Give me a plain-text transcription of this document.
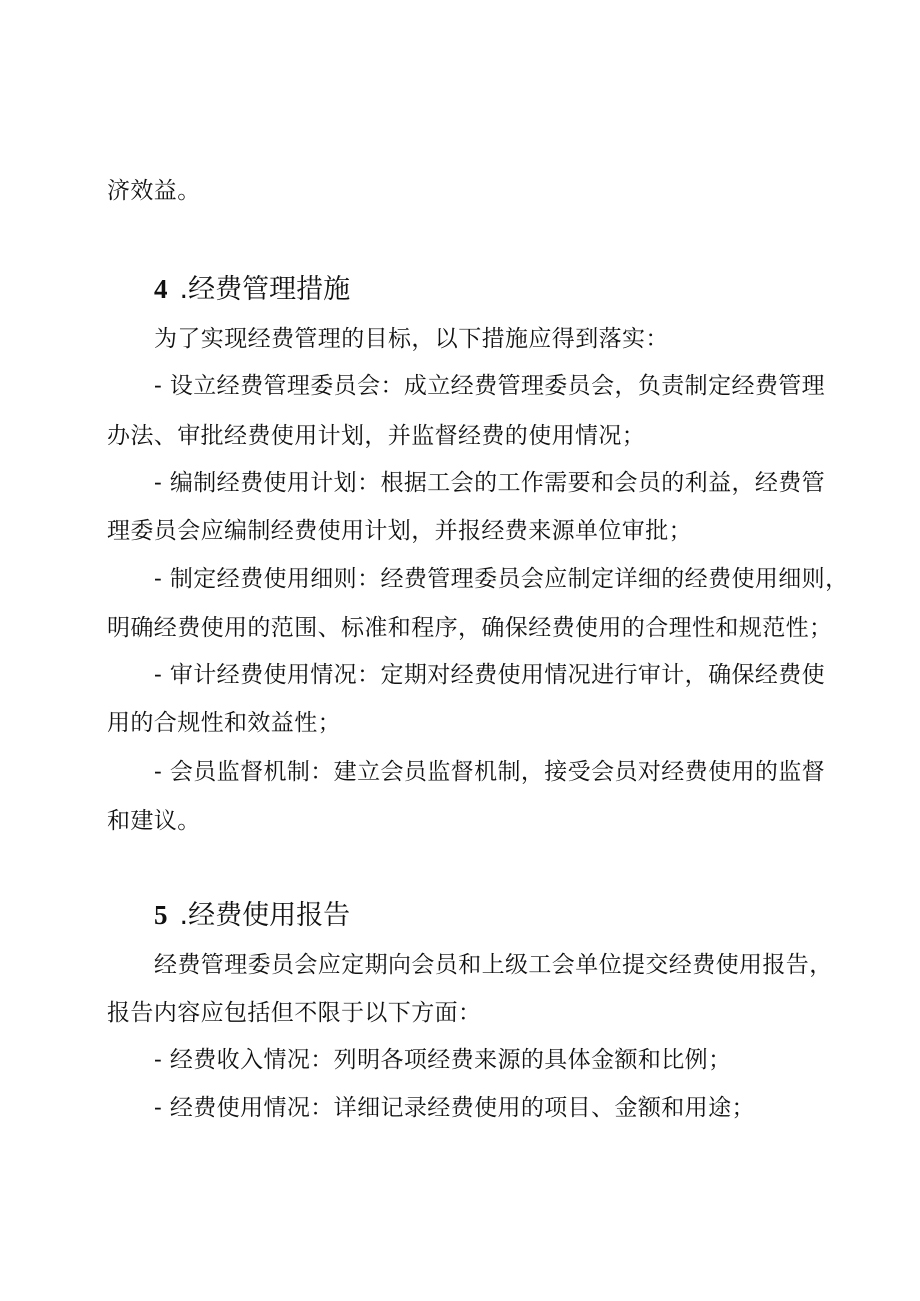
济效益。
4 .经费管理措施
为了实现经费管理的目标，以下措施应得到落实：
- 设立经费管理委员会：成立经费管理委员会，负责制定经费管理
办法、审批经费使用计划，并监督经费的使用情况；
- 编制经费使用计划：根据工会的工作需要和会员的利益，经费管
理委员会应编制经费使用计划，并报经费来源单位审批；
- 制定经费使用细则：经费管理委员会应制定详细的经费使用细则，
明确经费使用的范围、标准和程序，确保经费使用的合理性和规范性；
- 审计经费使用情况：定期对经费使用情况进行审计，确保经费使
用的合规性和效益性；
- 会员监督机制：建立会员监督机制，接受会员对经费使用的监督
和建议。
5 .经费使用报告
经费管理委员会应定期向会员和上级工会单位提交经费使用报告，
报告内容应包括但不限于以下方面：
- 经费收入情况：列明各项经费来源的具体金额和比例；
- 经费使用情况：详细记录经费使用的项目、金额和用途；
